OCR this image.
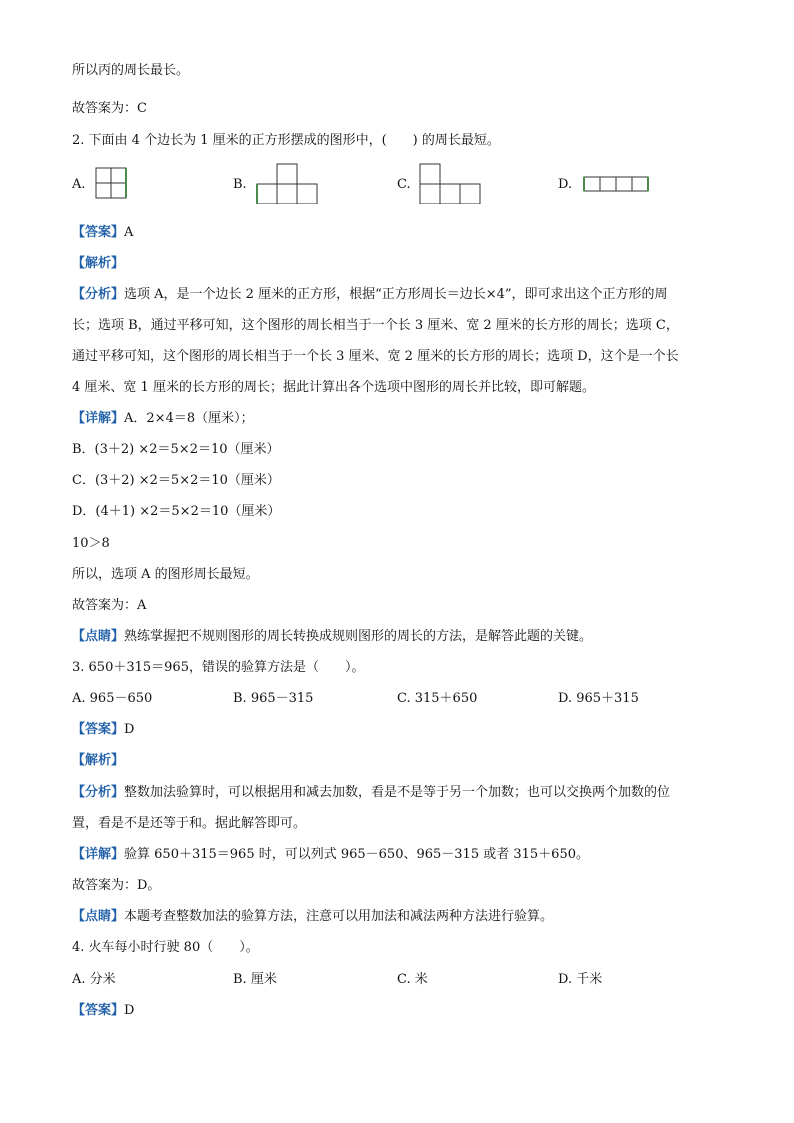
所以丙的周长最长。
故答案为：C
2. 下面由 4 个边长为 1 厘米的正方形摆成的图形中，(　　) 的周长最短。
A.	B.	C.	D.
【答案】A
【解析】
【分析】选项 A，是一个边长 2 厘米的正方形，根据“正方形周长＝边长×4”，即可求出这个正方形的周
长；选项 B，通过平移可知，这个图形的周长相当于一个长 3 厘米、宽 2 厘米的长方形的周长；选项 C，
通过平移可知，这个图形的周长相当于一个长 3 厘米、宽 2 厘米的长方形的周长；选项 D，这个是一个长
4 厘米、宽 1 厘米的长方形的周长；据此计算出各个选项中图形的周长并比较，即可解题。
【详解】A．2×4＝8（厘米）；
B．(3＋2) ×2＝5×2＝10（厘米）
C．(3＋2) ×2＝5×2＝10（厘米）
D．(4＋1) ×2＝5×2＝10（厘米）
10＞8
所以，选项 A 的图形周长最短。
故答案为：A
【点睛】熟练掌握把不规则图形的周长转换成规则图形的周长的方法，是解答此题的关键。
3. 650＋315＝965，错误的验算方法是（　　）。
A. 965－650	B. 965－315	C. 315＋650	D. 965＋315
【答案】D
【解析】
【分析】整数加法验算时，可以根据用和减去加数，看是不是等于另一个加数；也可以交换两个加数的位
置，看是不是还等于和。据此解答即可。
【详解】验算 650＋315＝965 时，可以列式 965－650、965－315 或者 315＋650。
故答案为：D。
【点睛】本题考查整数加法的验算方法，注意可以用加法和减法两种方法进行验算。
4. 火车每小时行驶 80（　　）。
A. 分米	B. 厘米	C. 米	D. 千米
【答案】D
